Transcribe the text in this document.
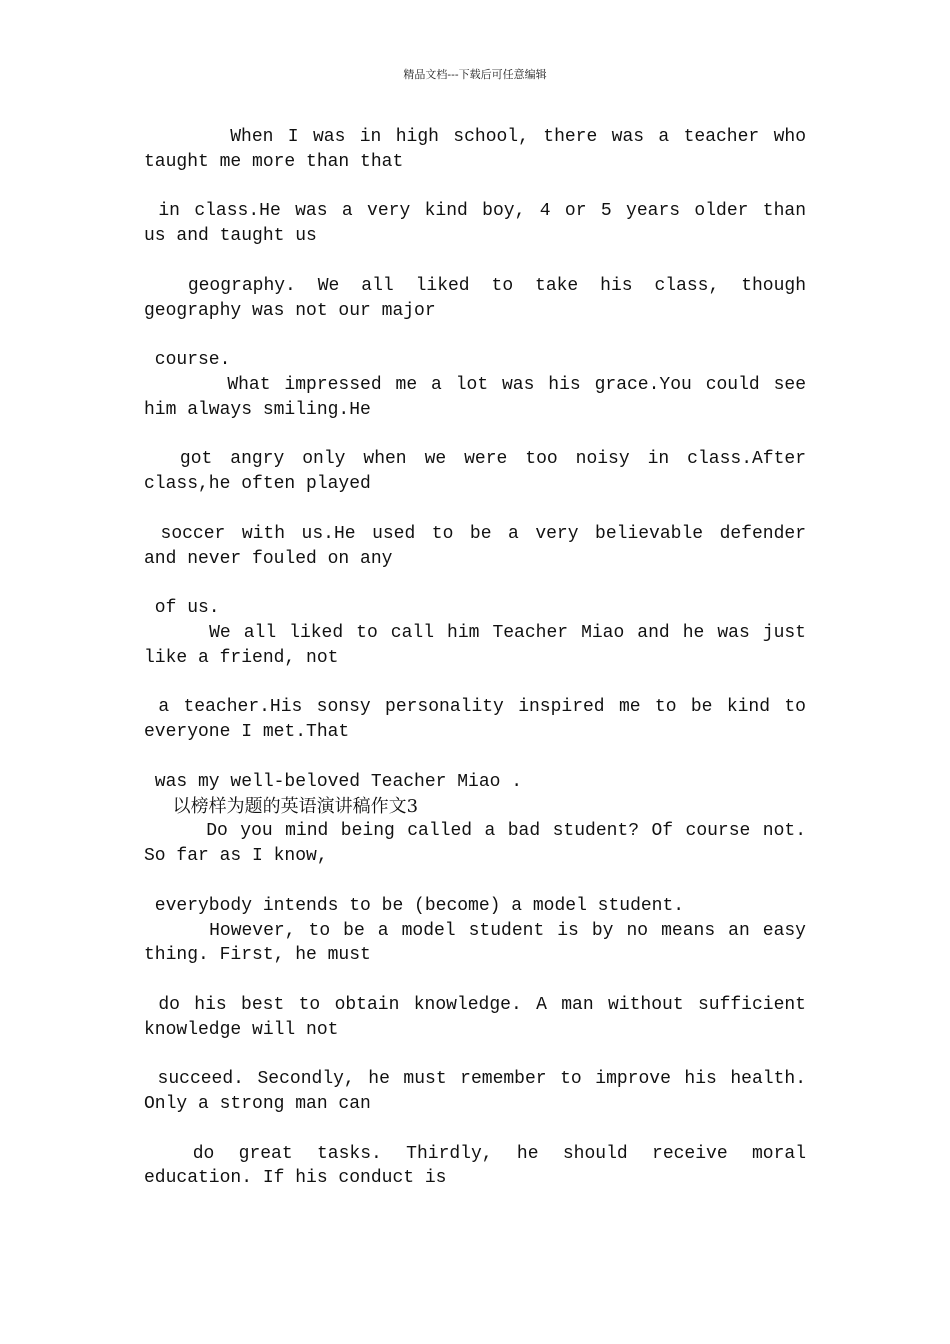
精品文档---下载后可任意编辑
When I was in high school, there was a teacher who
taught me more than that
in class.He was a very kind boy, 4 or 5 years older than
us and taught us
geography. We all liked to take his class, though
geography was not our major
course.
What impressed me a lot was his grace.You could see
him always smiling.He
got angry only when we were too noisy in class.After
class,he often played
soccer with us.He used to be a very believable defender
and never fouled on any
of us.
We all liked to call him Teacher Miao and he was just
like a friend, not
a teacher.His sonsy personality inspired me to be kind to
everyone I met.That
was my well-beloved Teacher Miao .
以榜样为题的英语演讲稿作文3
Do you mind being called a bad student? Of course not.
So far as I know,
everybody intends to be (become) a model student.
However, to be a model student is by no means an easy
thing. First, he must
do his best to obtain knowledge. A man without sufficient
knowledge will not
succeed. Secondly, he must remember to improve his health.
Only a strong man can
do great tasks. Thirdly, he should receive moral
education. If his conduct is
